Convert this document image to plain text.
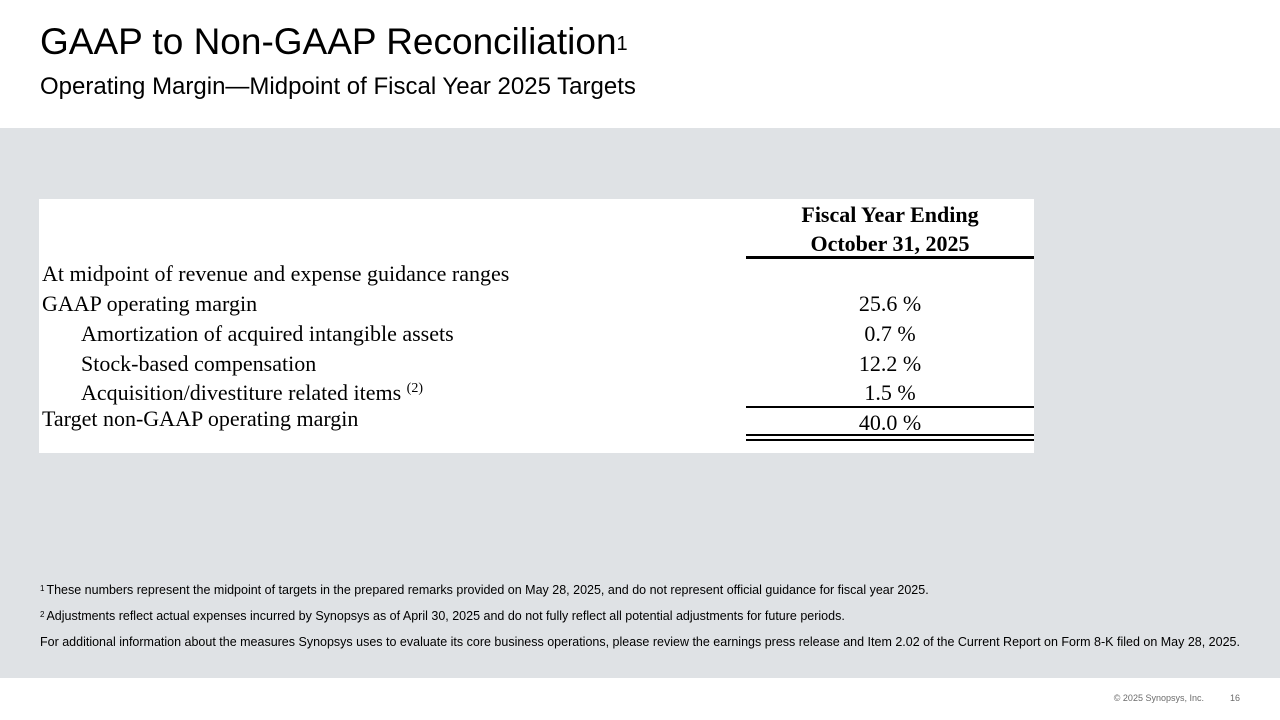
GAAP to Non-GAAP Reconciliation$^1$
Operating Margin—Midpoint of Fiscal Year 2025 Targets
Fiscal Year Ending
October 31, 2025
At midpoint of revenue and expense guidance ranges
GAAP operating margin	25.6 %
Amortization of acquired intangible assets	0.7 %
Stock-based compensation	12.2 %
Acquisition/divestiture related items $^{(2)}$	1.5 %
Target non-GAAP operating margin	40.0 %

$^1$ These numbers represent the midpoint of targets in the prepared remarks provided on May 28, 2025, and do not represent official guidance for fiscal year 2025.

$^2$ Adjustments reflect actual expenses incurred by Synopsys as of April 30, 2025 and do not fully reflect all potential adjustments for future periods.

For additional information about the measures Synopsys uses to evaluate its core business operations, please review the earnings press release and Item 2.02 of the Current Report on Form 8-K filed on May 28, 2025.

© 2025 Synopsys, Inc.	16
